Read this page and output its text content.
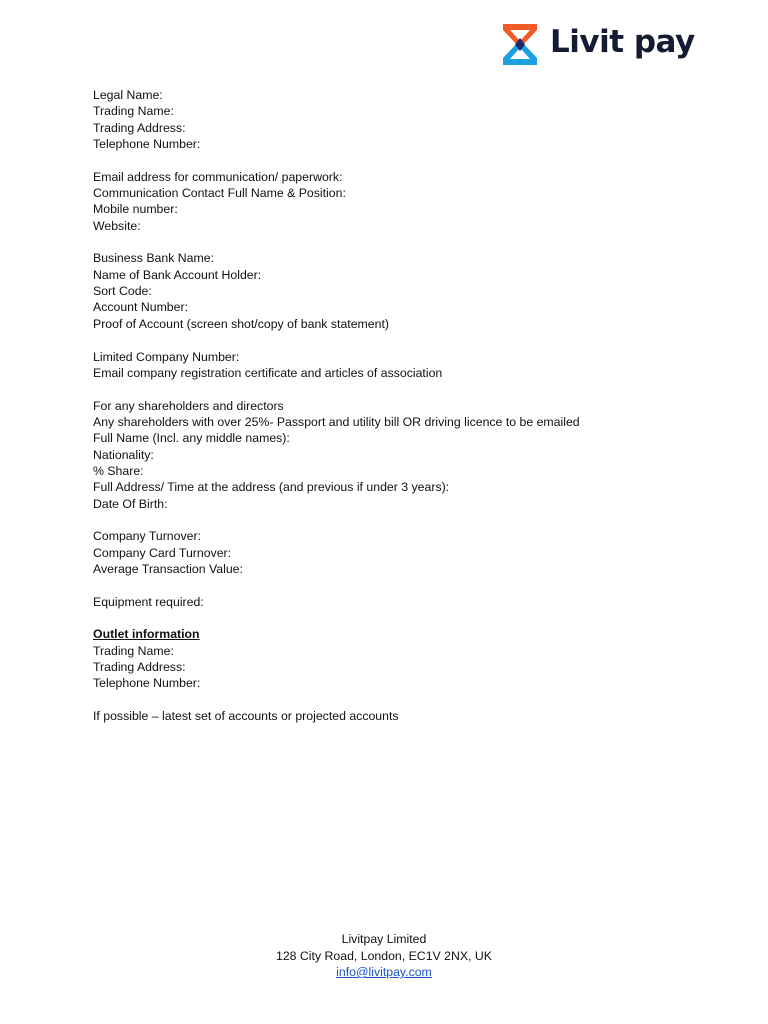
Livit pay
Legal Name:
Trading Name:
Trading Address:
Telephone Number:
Email address for communication/ paperwork:
Communication Contact Full Name & Position:
Mobile number:
Website:
Business Bank Name:
Name of Bank Account Holder:
Sort Code:
Account Number:
Proof of Account (screen shot/copy of bank statement)
Limited Company Number:
Email company registration certificate and articles of association
For any shareholders and directors
Any shareholders with over 25%- Passport and utility bill OR driving licence to be emailed
Full Name (Incl. any middle names):
Nationality:
% Share:
Full Address/ Time at the address (and previous if under 3 years):
Date Of Birth:
Company Turnover:
Company Card Turnover:
Average Transaction Value:
Equipment required:
Outlet information
Trading Name:
Trading Address:
Telephone Number:
If possible – latest set of accounts or projected accounts
Livitpay Limited
128 City Road, London, EC1V 2NX, UK
info@livitpay.com
